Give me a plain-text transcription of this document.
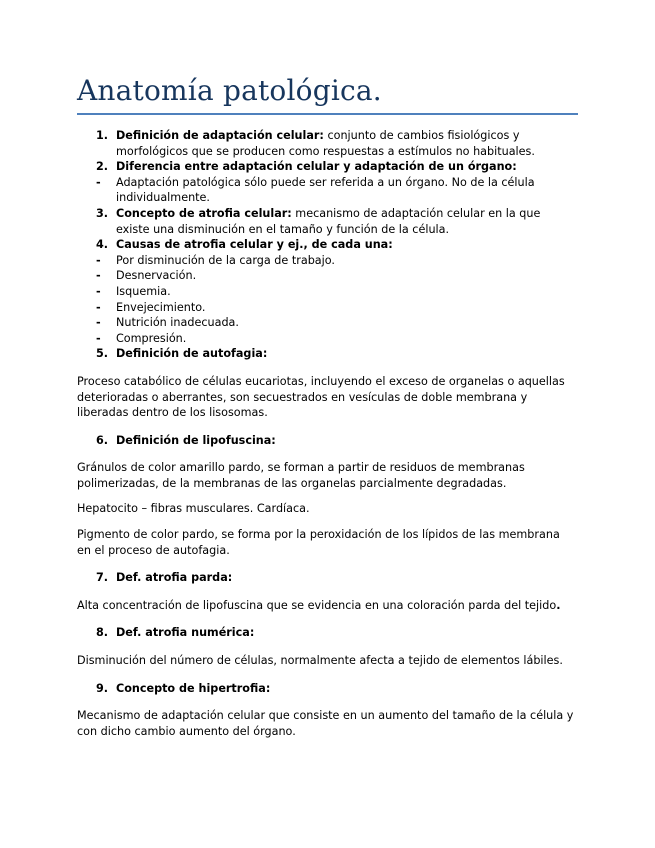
Anatomía patológica.
1. Definición de adaptación celular: conjunto de cambios fisiológicos y morfológicos que se producen como respuestas a estímulos no habituales.
2. Diferencia entre adaptación celular y adaptación de un órgano:
- Adaptación patológica sólo puede ser referida a un órgano. No de la célula individualmente.
3. Concepto de atrofia celular: mecanismo de adaptación celular en la que existe una disminución en el tamaño y función de la célula.
4. Causas de atrofia celular y ej., de cada una:
- Por disminución de la carga de trabajo.
- Desnervación.
- Isquemia.
- Envejecimiento.
- Nutrición inadecuada.
- Compresión.
5. Definición de autofagia:

Proceso catabólico de células eucariotas, incluyendo el exceso de organelas o aquellas deterioradas o aberrantes, son secuestrados en vesículas de doble membrana y liberadas dentro de los lisosomas.

6. Definición de lipofuscina:

Gránulos de color amarillo pardo, se forman a partir de residuos de membranas polimerizadas, de la membranas de las organelas parcialmente degradadas.

Hepatocito – fibras musculares. Cardíaca.

Pigmento de color pardo, se forma por la peroxidación de los lípidos de las membrana en el proceso de autofagia.

7. Def. atrofia parda:

Alta concentración de lipofuscina que se evidencia en una coloración parda del tejido.

8. Def. atrofia numérica:

Disminución del número de células, normalmente afecta a tejido de elementos lábiles.

9. Concepto de hipertrofia:

Mecanismo de adaptación celular que consiste en un aumento del tamaño de la célula y con dicho cambio aumento del órgano.
